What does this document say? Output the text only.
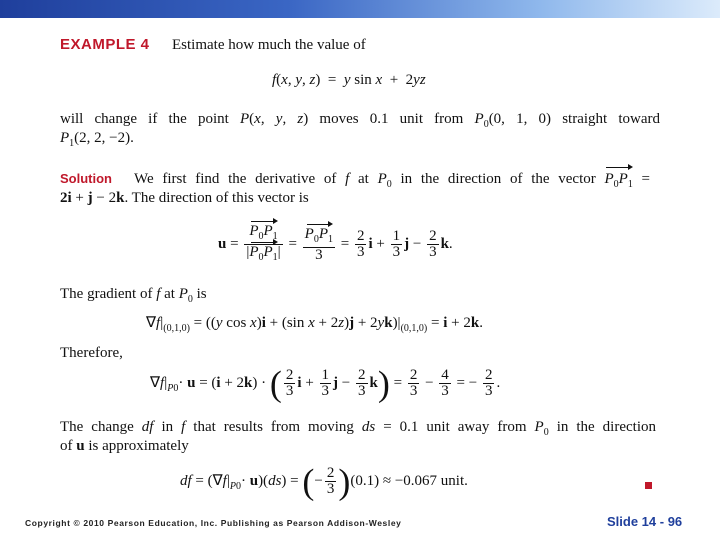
EXAMPLE 4 Estimate how much the value of
f(x, y, z)  =  y sin x  +  2yz
will change if the point P(x, y, z) moves 0.1 unit from $P_0(0$, 1, 0) straight toward
$P_1(2$, 2, −2).
Solution We first find the derivative of f at $P_0$ in the direction of the vector $P_0P_1$ =
2i + j − 2k. The direction of this vector is
$u = \frac{P_0P_1}{|P_0P_1|} = \frac{P_0P_1}{3} = \frac{2}{3}$ $i + \frac{1}{3}$ $j - \frac{2}{3} k$.
The gradient of f at $P_0$ is
$\nabla f|_{(0,1,0)} = ((y$ cos x)i + (sin $x + 2z)j + 2yk)|_{(0,1,0)} = i + 2k$.
Therefore,
$\nabla f|_{P0}\cdot u = (i + 2k)$ · ( $\frac{2}{3}$ $i + \frac{1}{3}$ $j - \frac{2}{3} k) = \frac{2}{3} - \frac{4}{3}$ = − $\frac{2}{3}$ .
The change df in f that results from moving ds = 0.1 unit away from $P_0$ in the direction
of u is approximately
df = $(\nabla f|_{P0}\cdot u)(ds)$ = (− $\frac{2}{3} )(0.1) \approx -0.067$ unit.
Copyright © 2010 Pearson Education, Inc. Publishing as Pearson Addison-Wesley	Slide 14 - 96
